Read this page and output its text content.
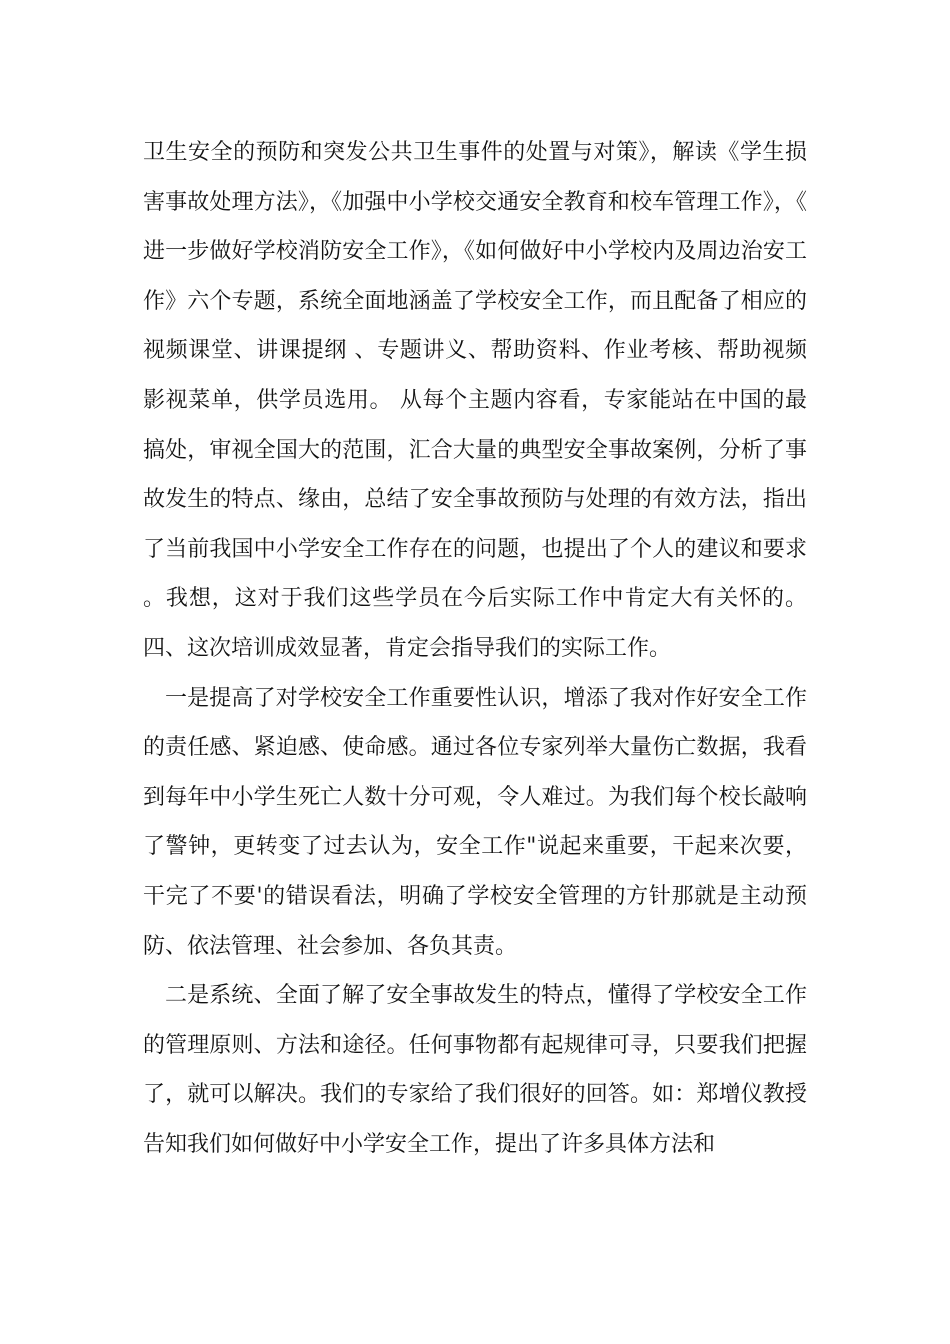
卫生安全的预防和突发公共卫生事件的处置与对策》，解读《学生损害事故处理方法》，《加强中小学校交通安全教育和校车管理工作》，《进一步做好学校消防安全工作》，《如何做好中小学校内及周边治安工作》六个专题，系统全面地涵盖了学校安全工作，而且配备了相应的视频课堂、讲课提纲 、专题讲义、帮助资料、作业考核、帮助视频影视菜单，供学员选用。 从每个主题内容看，专家能站在中国的最搞处，审视全国大的范围，汇合大量的典型安全事故案例，分析了事故发生的特点、缘由，总结了安全事故预防与处理的有效方法，指出了当前我国中小学安全工作存在的问题，也提出了个人的建议和要求。我想，这对于我们这些学员在今后实际工作中肯定大有关怀的。 四、这次培训成效显著，肯定会指导我们的实际工作。

一是提高了对学校安全工作重要性认识，增添了我对作好安全工作的责任感、紧迫感、使命感。通过各位专家列举大量伤亡数据，我看到每年中小学生死亡人数十分可观，令人难过。为我们每个校长敲响了警钟，更转变了过去认为，安全工作"说起来重要，干起来次要，干完了不要'的错误看法，明确了学校安全管理的方针那就是主动预防、依法管理、社会参加、各负其责。

二是系统、全面了解了安全事故发生的特点，懂得了学校安全工作的管理原则、方法和途径。任何事物都有起规律可寻，只要我们把握了，就可以解决。我们的专家给了我们很好的回答。如：郑增仪教授告知我们如何做好中小学安全工作，提出了许多具体方法和
